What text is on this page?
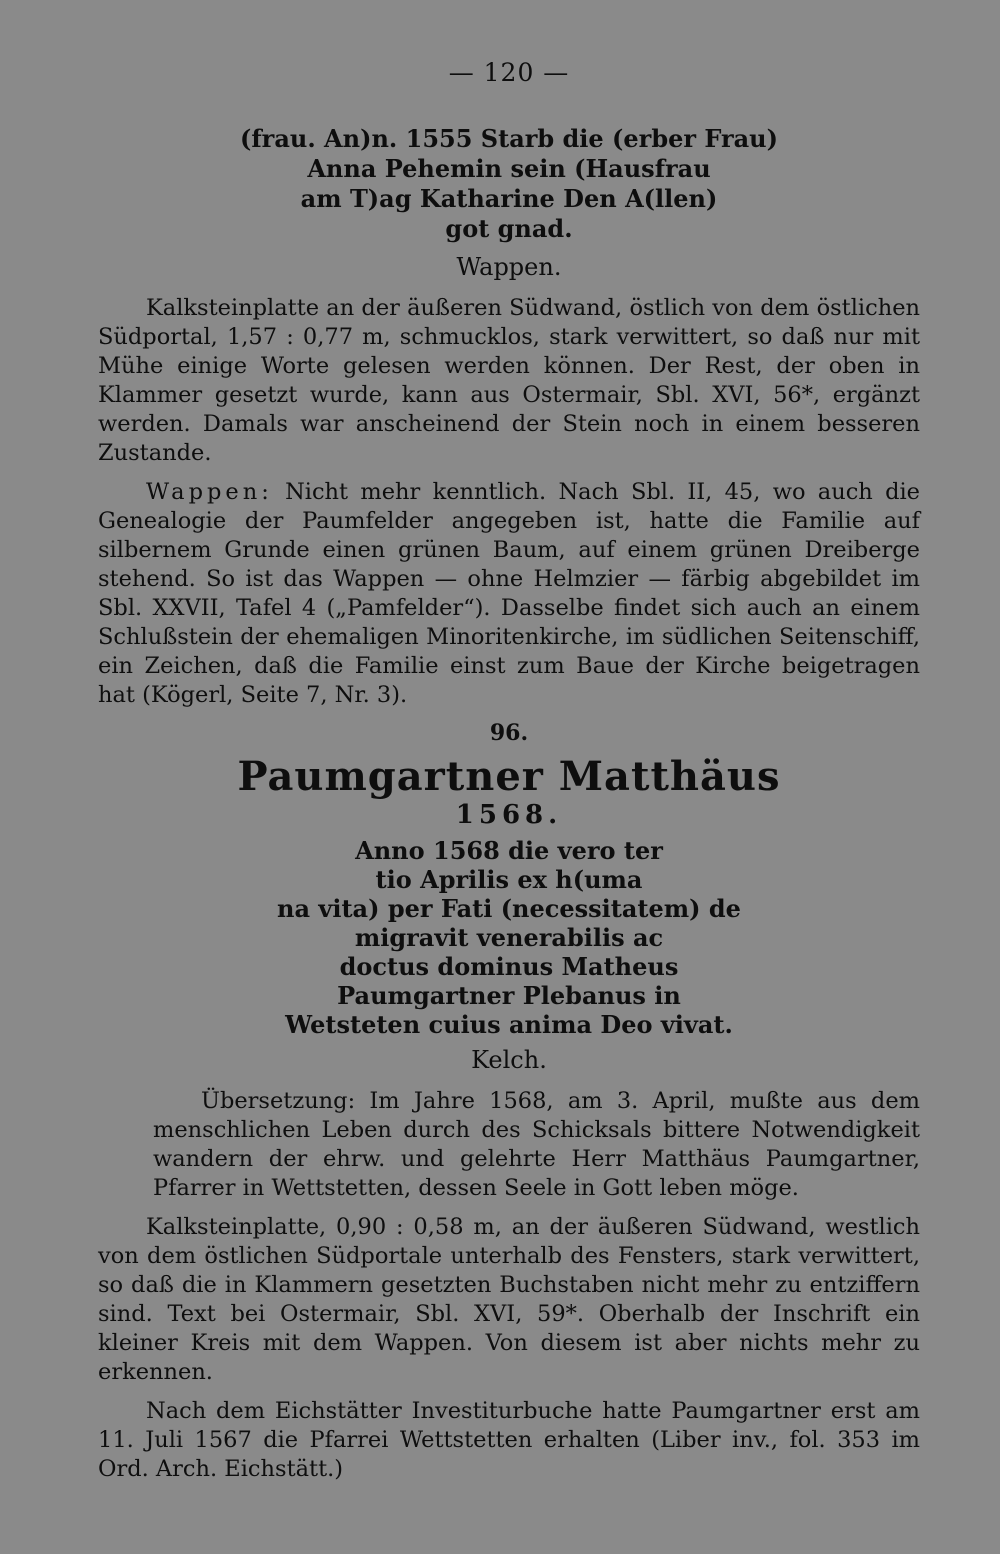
— 120 —
(frau. An)n. 1555 Starb die (erber Frau)
Anna Pehemin sein (Hausfrau
am T)ag Katharine Den A(llen)
got gnad.
Wappen.

Kalksteinplatte an der äußeren Südwand, östlich von dem östlichen Südportal, 1,57 : 0,77 m, schmucklos, stark verwittert, so daß nur mit Mühe einige Worte gelesen werden können. Der Rest, der oben in Klammer gesetzt wurde, kann aus Ostermair, Sbl. XVI, 56*, ergänzt werden. Damals war anscheinend der Stein noch in einem besseren Zustande.

Wappen: Nicht mehr kenntlich. Nach Sbl. II, 45, wo auch die Genealogie der Paumfelder angegeben ist, hatte die Familie auf silbernem Grunde einen grünen Baum, auf einem grünen Dreiberge stehend. So ist das Wappen — ohne Helmzier — färbig abgebildet im Sbl. XXVII, Tafel 4 („Pamfelder“). Dasselbe findet sich auch an einem Schlußstein der ehemaligen Minoritenkirche, im südlichen Seitenschiff, ein Zeichen, daß die Familie einst zum Baue der Kirche beigetragen hat (Kögerl, Seite 7, Nr. 3).

96.
Paumgartner Matthäus
1568.
Anno 1568 die vero ter
tio Aprilis ex h(uma
na vita) per Fati (necessitatem) de
migravit venerabilis ac
doctus dominus Matheus
Paumgartner Plebanus in
Wetsteten cuius anima Deo vivat.
Kelch.

Übersetzung: Im Jahre 1568, am 3. April, mußte aus dem menschlichen Leben durch des Schicksals bittere Notwendigkeit wandern der ehrw. und gelehrte Herr Matthäus Paumgartner, Pfarrer in Wettstetten, dessen Seele in Gott leben möge.

Kalksteinplatte, 0,90 : 0,58 m, an der äußeren Südwand, westlich von dem östlichen Südportale unterhalb des Fensters, stark verwittert, so daß die in Klammern gesetzten Buchstaben nicht mehr zu entziffern sind. Text bei Ostermair, Sbl. XVI, 59*. Oberhalb der Inschrift ein kleiner Kreis mit dem Wappen. Von diesem ist aber nichts mehr zu erkennen.

Nach dem Eichstätter Investiturbuche hatte Paumgartner erst am 11. Juli 1567 die Pfarrei Wettstetten erhalten (Liber inv., fol. 353 im Ord. Arch. Eichstätt.)
